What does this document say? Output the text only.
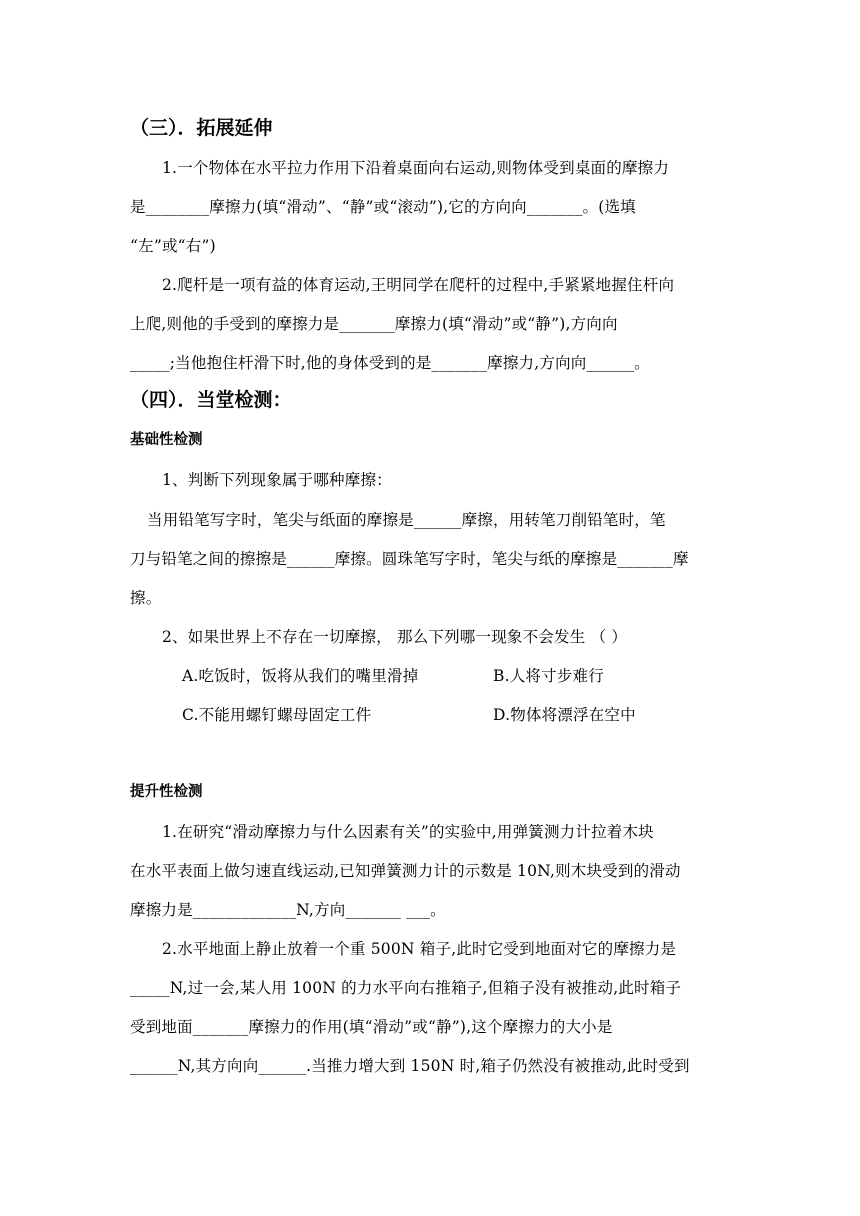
（三）．拓展延伸
1.一个物体在水平拉力作用下沿着桌面向右运动,则物体受到桌面的摩擦力
是________摩擦力(填“滑动”、“静”或“滚动”),它的方向向_______。(选填
“左”或“右”)
2.爬杆是一项有益的体育运动,王明同学在爬杆的过程中,手紧紧地握住杆向
上爬,则他的手受到的摩擦力是_______摩擦力(填“滑动”或“静”),方向向
_____;当他抱住杆滑下时,他的身体受到的是_______摩擦力,方向向______。
（四）．当堂检测：
基础性检测
1、判断下列现象属于哪种摩擦：
当用铅笔写字时，笔尖与纸面的摩擦是______摩擦，用转笔刀削铅笔时，笔
刀与铅笔之间的擦擦是______摩擦。圆珠笔写字时，笔尖与纸的摩擦是_______摩
擦。
2、如果世界上不存在一切摩擦， 那么下列哪一现象不会发生 （ ）
A.吃饭时，饭将从我们的嘴里滑掉	B.人将寸步难行
C.不能用螺钉螺母固定工件	D.物体将漂浮在空中
提升性检测
1.在研究“滑动摩擦力与什么因素有关”的实验中,用弹簧测力计拉着木块
在水平表面上做匀速直线运动,已知弹簧测力计的示数是 10N,则木块受到的滑动
摩擦力是_____________N,方向_______ ___。
2.水平地面上静止放着一个重 500N 箱子,此时它受到地面对它的摩擦力是
_____N,过一会,某人用 100N 的力水平向右推箱子,但箱子没有被推动,此时箱子
受到地面_______摩擦力的作用(填“滑动”或“静”),这个摩擦力的大小是
______N,其方向向______.当推力增大到 150N 时,箱子仍然没有被推动,此时受到
